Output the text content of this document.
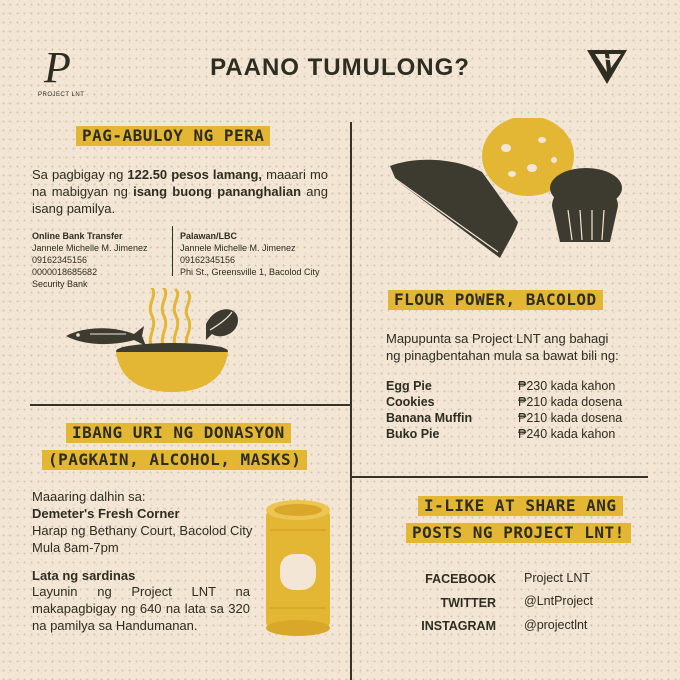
P
PROJECT LNT
PAANO TUMULONG?
PAG-ABULOY NG PERA
Sa pagbigay ng 122.50 pesos lamang, maaari mo na mabigyan ng isang buong pananghalian ang isang pamilya.
Online Bank Transfer
Jannele Michelle M. Jimenez
09162345156
0000018685682
Security Bank
Palawan/LBC
Jannele Michelle M. Jimenez
09162345156
Phi St., Greensville 1, Bacolod City
IBANG URI NG DONASYON
(PAGKAIN, ALCOHOL, MASKS)
Maaaring dalhin sa:
Demeter's Fresh Corner
Harap ng Bethany Court, Bacolod City
Mula 8am-7pm
Lata ng sardinas
Layunin ng Project LNT na makapagbigay ng 640 na lata sa 320 na pamilya sa Handumanan.
FLOUR POWER, BACOLOD
Mapupunta sa Project LNT ang bahagi ng pinagbentahan mula sa bawat bili ng:
Egg Pie	₱230 kada kahon
Cookies	₱210 kada dosena
Banana Muffin	₱210 kada dosena
Buko Pie	₱240 kada kahon
I-LIKE AT SHARE ANG
POSTS NG PROJECT LNT!
FACEBOOK Project LNT
TWITTER @LntProject
INSTAGRAM @projectlnt
